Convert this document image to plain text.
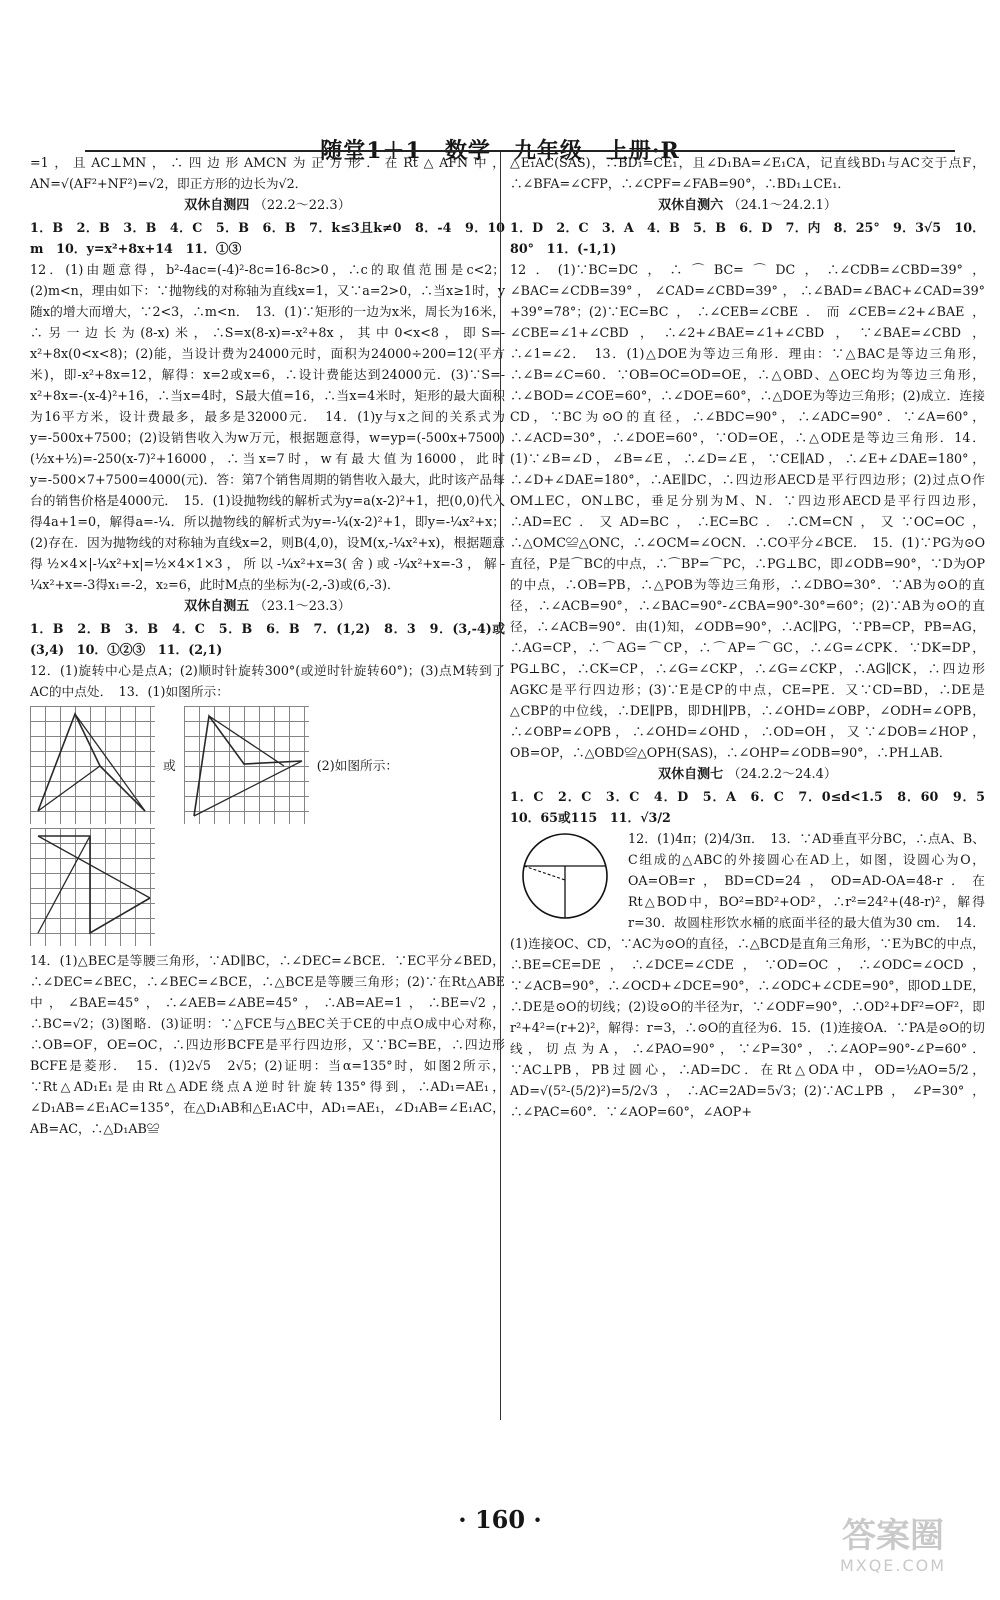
随堂1＋1　数学　九年级　上册·R

=1，且AC⊥MN，∴四边形AMCN为正方形．在Rt△AFN中，AN=√(AF²+NF²)=√2，即正方形的边长为√2．

双休自测四 （22.2～22.3）

1．B　2．B　3．B　4．C　5．B　6．B　7．k≤3且k≠0　8．-4　9．10 m　10．y=x²+8x+14　11．①③

12．(1)由题意得，b²-4ac=(-4)²-8c=16-8c>0，∴c的取值范围是c<2；(2)m<n，理由如下：∵抛物线的对称轴为直线x=1，又∵a=2>0，∴当x≥1时，y随x的增大而增大，∵2<3，∴m<n．　13．(1)∵矩形的一边为x米，周长为16米，∴另一边长为(8-x)米，∴S=x(8-x)=-x²+8x，其中0<x<8，即S=-x²+8x(0<x<8)；(2)能，当设计费为24000元时，面积为24000÷200=12(平方米)，即-x²+8x=12，解得：x=2或x=6，∴设计费能达到24000元．(3)∵S=-x²+8x=-(x-4)²+16，∴当x=4时，S最大值=16，∴当x=4米时，矩形的最大面积为16平方米，设计费最多，最多是32000元．　14．(1)y与x之间的关系式为y=-500x+7500；(2)设销售收入为w万元，根据题意得，w=yp=(-500x+7500)(½x+½)=-250(x-7)²+16000，∴当x=7时，w有最大值为16000，此时y=-500×7+7500=4000(元)．答：第7个销售周期的销售收入最大，此时该产品每台的销售价格是4000元．　15．(1)设抛物线的解析式为y=a(x-2)²+1，把(0,0)代入得4a+1=0，解得a=-¼．所以抛物线的解析式为y=-¼(x-2)²+1，即y=-¼x²+x；(2)存在．因为抛物线的对称轴为直线x=2，则B(4,0)，设M(x,-¼x²+x)，根据题意得½×4×|-¼x²+x|=½×4×1×3，所以-¼x²+x=3(舍)或-¼x²+x=-3，解-¼x²+x=-3得x₁=-2，x₂=6，此时M点的坐标为(-2,-3)或(6,-3)．

双休自测五 （23.1～23.3）

1．B　2．B　3．B　4．C　5．B　6．B　7．(1,2)　8．3　9．(3,-4)或(3,4)　10．①②③　11．(2,1)

12．(1)旋转中心是点A；(2)顺时针旋转300°(或逆时针旋转60°)；(3)点M转到了AC的中点处．　13．(1)如图所示：

或	(2)如图所示：

14．(1)△BEC是等腰三角形，∵AD∥BC，∴∠DEC=∠BCE．∵EC平分∠BED，∴∠DEC=∠BEC，∴∠BEC=∠BCE，∴△BCE是等腰三角形；(2)∵在Rt△ABE中，∠BAE=45°，∴∠AEB=∠ABE=45°，∴AB=AE=1，∴BE=√2，∴BC=√2；(3)图略．(3)证明：∵△FCE与△BEC关于CE的中点O成中心对称，∴OB=OF，OE=OC，∴四边形BCFE是平行四边形，又∵BC=BE，∴四边形BCFE是菱形．　15．(1)2√5　2√5；(2)证明：当α=135°时，如图2所示，∵Rt△AD₁E₁是由Rt△ADE绕点A逆时针旋转135°得到，∴AD₁=AE₁，∠D₁AB=∠E₁AC=135°，在△D₁AB和△E₁AC中，AD₁=AE₁，∠D₁AB=∠E₁AC，AB=AC，∴△D₁AB≌

△E₁AC(SAS)，∴BD₁=CE₁，且∠D₁BA=∠E₁CA，记直线BD₁与AC交于点F，∴∠BFA=∠CFP，∴∠CPF=∠FAB=90°，∴BD₁⊥CE₁．

双休自测六 （24.1～24.2.1）

1．D　2．C　3．A　4．B　5．B　6．D　7．内　8．25°　9．3√5　10．80°　11．(-1,1)

12．(1)∵BC=DC，∴⌒BC=⌒DC，∴∠CDB=∠CBD=39°，∠BAC=∠CDB=39°，∠CAD=∠CBD=39°，∴∠BAD=∠BAC+∠CAD=39°+39°=78°；(2)∵EC=BC，∴∠CEB=∠CBE．而∠CEB=∠2+∠BAE，∠CBE=∠1+∠CBD，∴∠2+∠BAE=∠1+∠CBD，∵∠BAE=∠CBD，∴∠1=∠2．　13．(1)△DOE为等边三角形．理由：∵△BAC是等边三角形，∴∠B=∠C=60．∵OB=OC=OD=OE，∴△OBD、△OEC均为等边三角形，∴∠BOD=∠COE=60°，∴∠DOE=60°，∴△DOE为等边三角形；(2)成立．连接CD，∵BC为⊙O的直径，∴∠BDC=90°，∴∠ADC=90°．∵∠A=60°，∴∠ACD=30°，∴∠DOE=60°，∵OD=OE，∴△ODE是等边三角形．14．(1)∵∠B=∠D，∠B=∠E，∴∠D=∠E，∵CE∥AD，∴∠E+∠DAE=180°，∴∠D+∠DAE=180°，∴AE∥DC，∴四边形AECD是平行四边形；(2)过点O作OM⊥EC，ON⊥BC，垂足分别为M、N．∵四边形AECD是平行四边形，∴AD=EC．又AD=BC，∴EC=BC．∴CM=CN，又∵OC=OC，∴△OMC≌△ONC，∴∠OCM=∠OCN．∴CO平分∠BCE．　15．(1)∵PG为⊙O直径，P是⌒BC的中点，∴⌒BP=⌒PC，∴PG⊥BC，即∠ODB=90°，∵D为OP的中点，∴OB=PB，∴△POB为等边三角形，∴∠DBO=30°．∵AB为⊙O的直径，∴∠ACB=90°，∴∠BAC=90°-∠CBA=90°-30°=60°；(2)∵AB为⊙O的直径，∴∠ACB=90°．由(1)知，∠ODB=90°，∴AC∥PG，∵PB=CP，PB=AG，∴AG=CP，∴⌒AG=⌒CP，∴⌒AP=⌒GC，∴∠G=∠CPK．∵DK=DP，PG⊥BC，∴CK=CP，∴∠G=∠CKP，∴∠G=∠CKP，∴AG∥CK，∴四边形AGKC是平行四边形；(3)∵E是CP的中点，CE=PE．又∵CD=BD，∴DE是△CBP的中位线，∴DE∥PB，即DH∥PB，∴∠OHD=∠OBP，∠ODH=∠OPB，∴∠OBP=∠OPB，∴∠OHD=∠OHD，∴OD=OH，又∵∠DOB=∠HOP，OB=OP，∴△OBD≌△OPH(SAS)，∴∠OHP=∠ODB=90°，∴PH⊥AB．

双休自测七 （24.2.2～24.4）

1．C　2．C　3．C　4．D　5．A　6．C　7．0≤d<1.5　8．60　9．5　10．65或115　11．√3/2

12．(1)4π；(2)4/3π．　13．∵AD垂直平分BC，∴点A、B、C组成的△ABC的外接圆心在AD上，如图，设圆心为O，OA=OB=r，BD=CD=24，OD=AD-OA=48-r．在Rt△BOD中，BO²=BD²+OD²，∴r²=24²+(48-r)²，解得r=30．故圆柱形饮水桶的底面半径的最大值为30 cm．　14．(1)连接OC、CD，∵AC为⊙O的直径，∴△BCD是直角三角形，∵E为BC的中点，∴BE=CE=DE，∴∠DCE=∠CDE，∵OD=OC，∴∠ODC=∠OCD，∵∠ACB=90°，∴∠OCD+∠DCE=90°，∴∠ODC+∠CDE=90°，即OD⊥DE，∴DE是⊙O的切线；(2)设⊙O的半径为r，∵∠ODF=90°，∴OD²+DF²=OF²，即r²+4²=(r+2)²，解得：r=3，∴⊙O的直径为6．15．(1)连接OA．∵PA是⊙O的切线，切点为A，∴∠PAO=90°，∵∠P=30°，∴∠AOP=90°-∠P=60°．∵AC⊥PB，PB过圆心，∴AD=DC．在Rt△ODA中，OD=½AO=5/2，AD=√(5²-(5/2)²)=5/2√3，∴AC=2AD=5√3；(2)∵AC⊥PB，∠P=30°，∴∠PAC=60°．∵∠AOP=60°，∠AOP+

· 160 ·	答案圈
MXQE.COM
